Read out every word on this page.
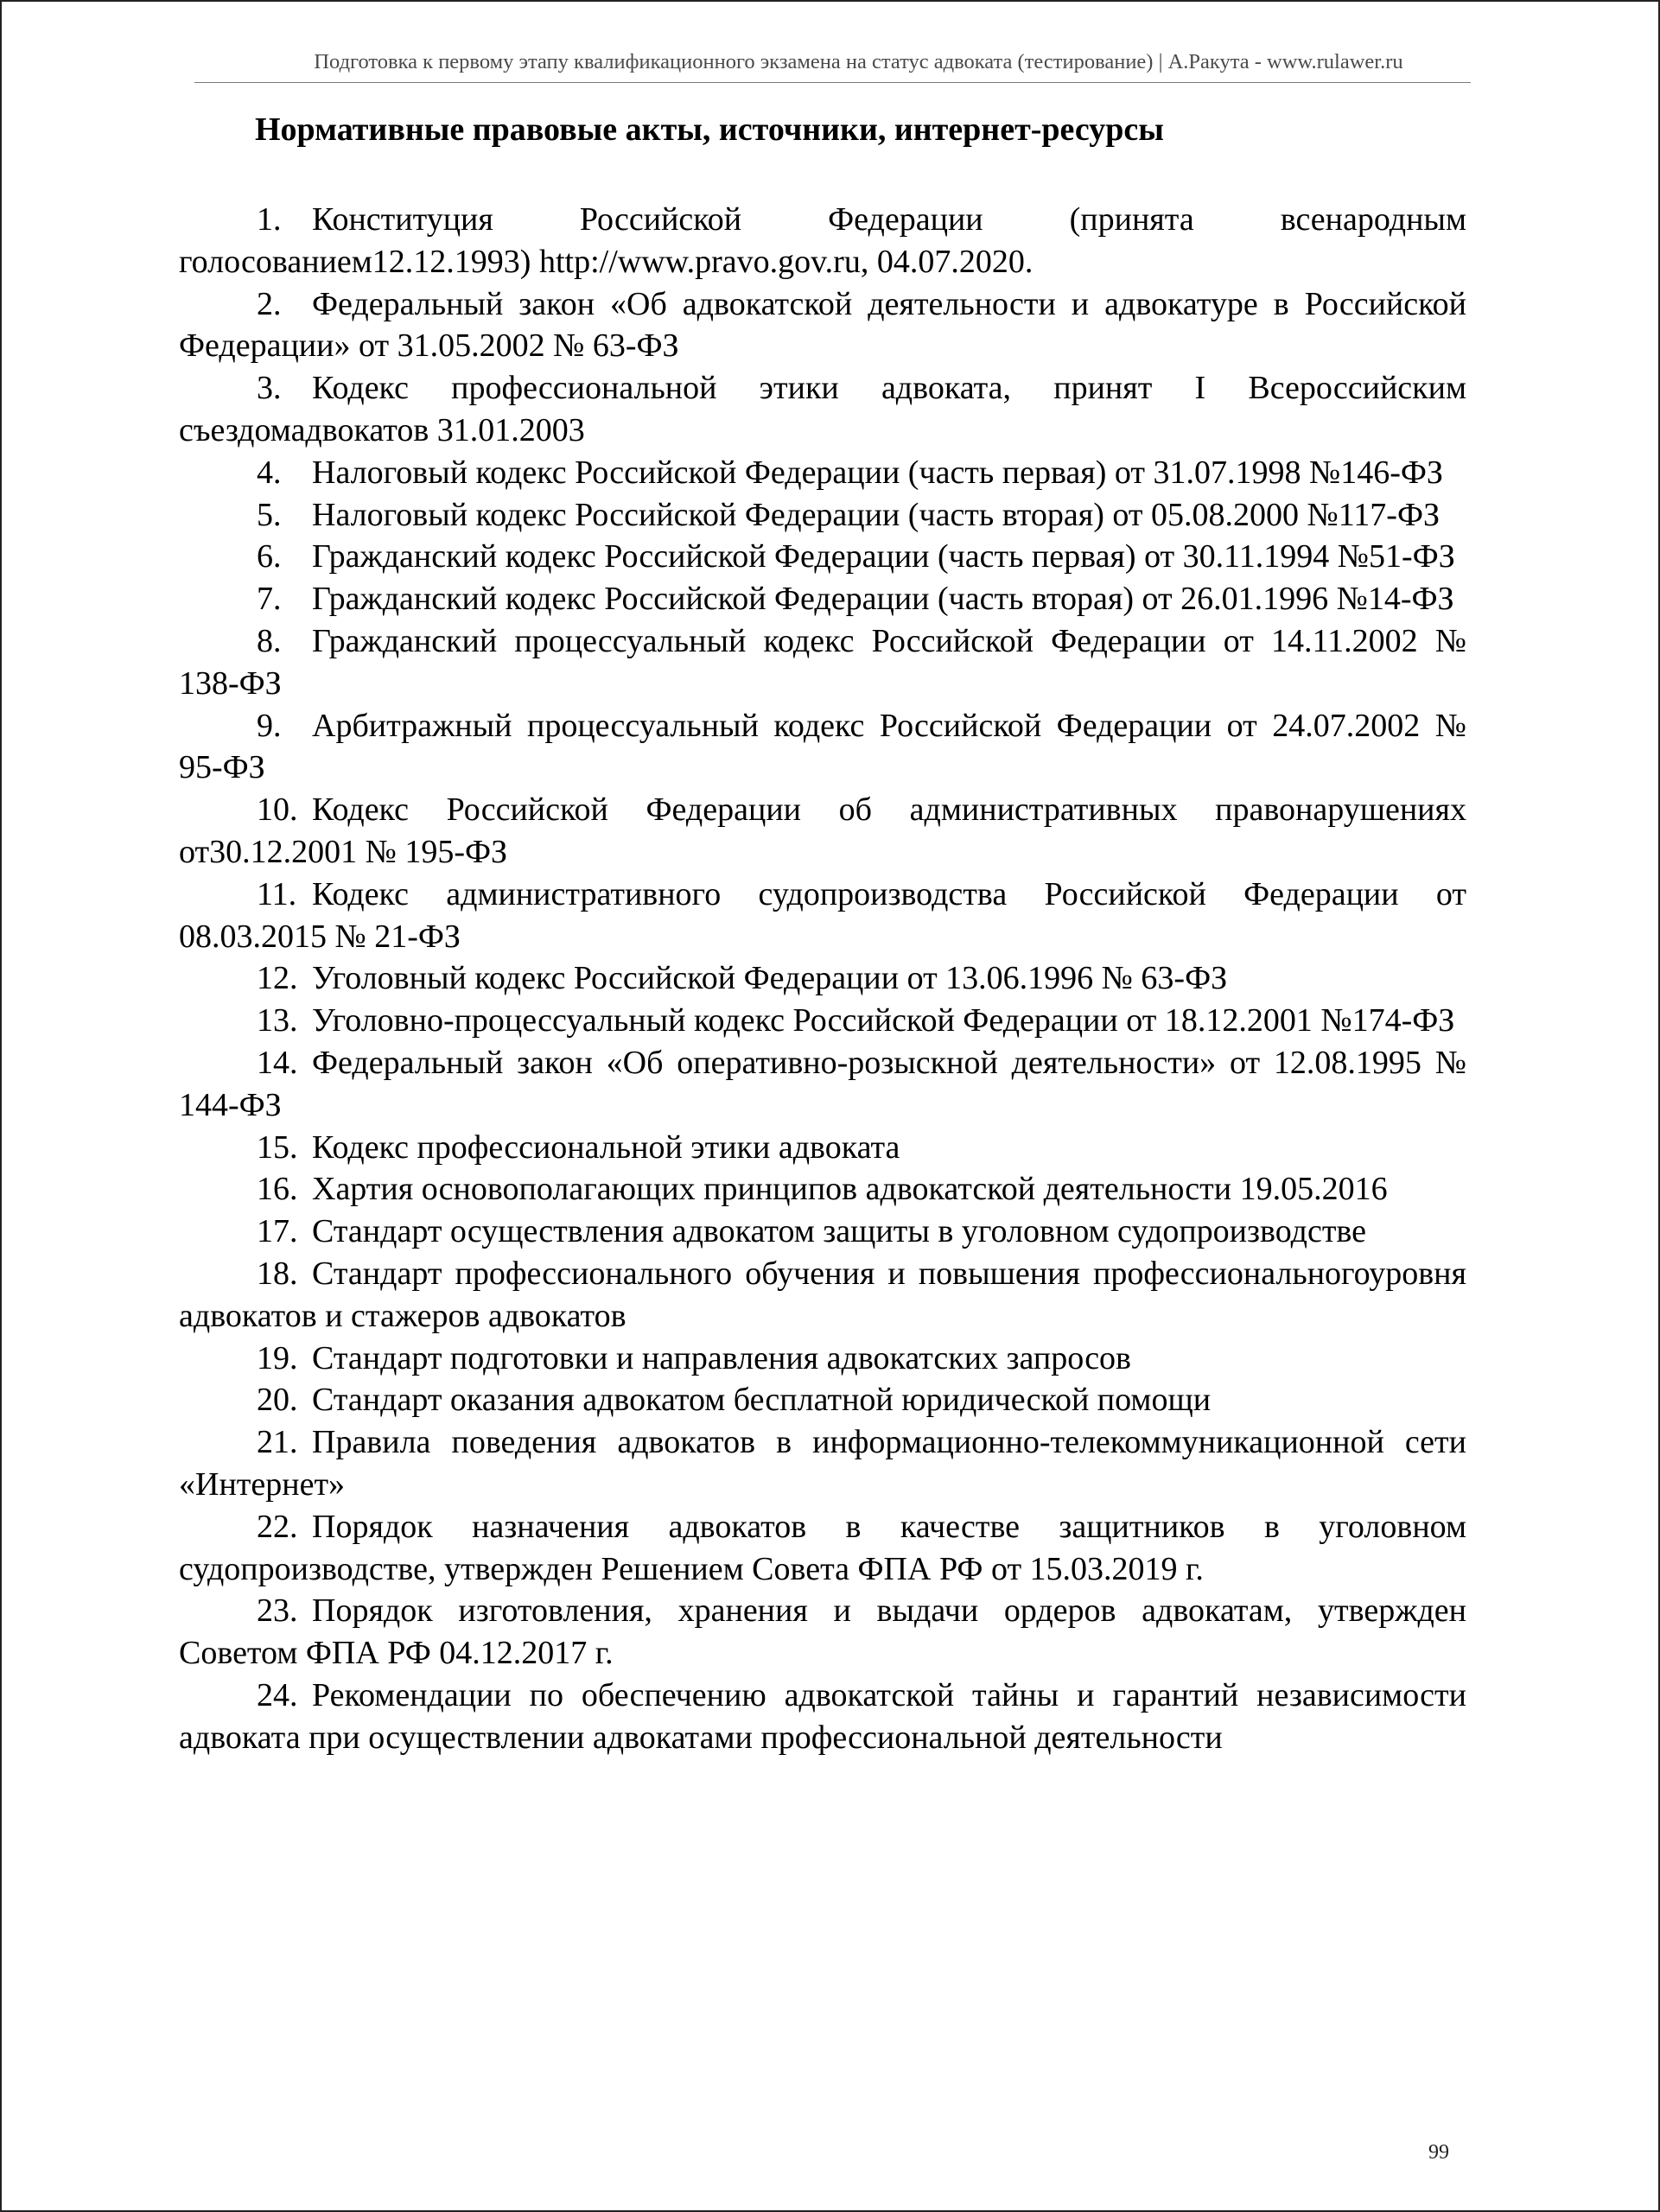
Подготовка к первому этапу квалификационного экзамена на статус адвоката (тестирование) | А.Ракута - www.rulawer.ru
Нормативные правовые акты, источники, интернет-ресурсы
1. Конституция Российской Федерации (принята всенародным голосованием12.12.1993) http://www.pravo.gov.ru, 04.07.2020.
2. Федеральный закон «Об адвокатской деятельности и адвокатуре в Российской Федерации» от 31.05.2002 № 63-ФЗ
3. Кодекс профессиональной этики адвоката, принят I Всероссийским съездомадвокатов 31.01.2003
4. Налоговый кодекс Российской Федерации (часть первая) от 31.07.1998 №146-ФЗ
5. Налоговый кодекс Российской Федерации (часть вторая) от 05.08.2000 №117-ФЗ
6. Гражданский кодекс Российской Федерации (часть первая) от 30.11.1994 №51-ФЗ
7. Гражданский кодекс Российской Федерации (часть вторая) от 26.01.1996 №14-ФЗ
8. Гражданский процессуальный кодекс Российской Федерации от 14.11.2002 № 138-ФЗ
9. Арбитражный процессуальный кодекс Российской Федерации от 24.07.2002 № 95-ФЗ
10. Кодекс Российской Федерации об административных правонарушениях от30.12.2001 № 195-ФЗ
11. Кодекс административного судопроизводства Российской Федерации от 08.03.2015 № 21-ФЗ
12. Уголовный кодекс Российской Федерации от 13.06.1996 № 63-ФЗ
13. Уголовно-процессуальный кодекс Российской Федерации от 18.12.2001 №174-ФЗ
14. Федеральный закон «Об оперативно-розыскной деятельности» от 12.08.1995 № 144-ФЗ
15. Кодекс профессиональной этики адвоката
16. Хартия основополагающих принципов адвокатской деятельности 19.05.2016
17. Стандарт осуществления адвокатом защиты в уголовном судопроизводстве
18. Стандарт профессионального обучения и повышения профессиональногоуровня адвокатов и стажеров адвокатов
19. Стандарт подготовки и направления адвокатских запросов
20. Стандарт оказания адвокатом бесплатной юридической помощи
21. Правила поведения адвокатов в информационно-телекоммуникационной сети «Интернет»
22. Порядок назначения адвокатов в качестве защитников в уголовном судопроизводстве, утвержден Решением Совета ФПА РФ от 15.03.2019 г.
23. Порядок изготовления, хранения и выдачи ордеров адвокатам, утвержден Советом ФПА РФ 04.12.2017 г.
24. Рекомендации по обеспечению адвокатской тайны и гарантий независимости адвоката при осуществлении адвокатами профессиональной деятельности
99
